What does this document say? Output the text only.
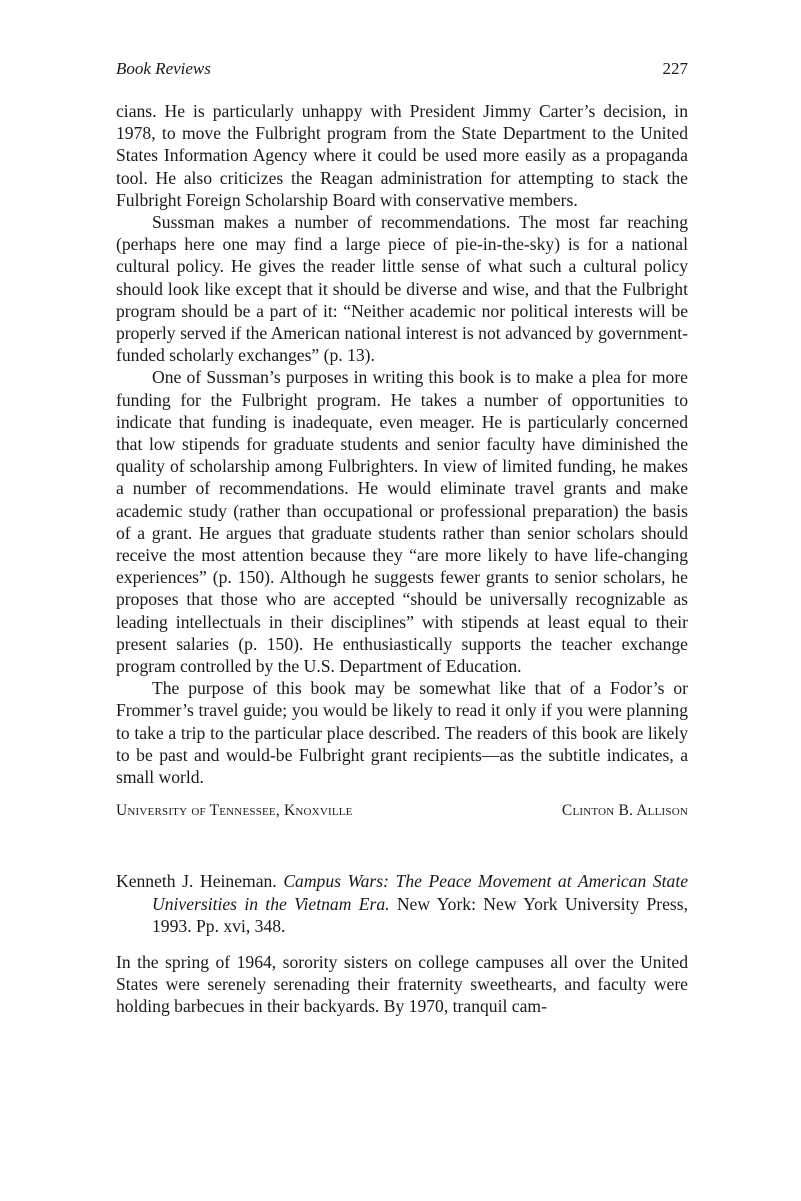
Book Reviews	227

cians. He is particularly unhappy with President Jimmy Carter’s decision, in 1978, to move the Fulbright program from the State Department to the United States Information Agency where it could be used more easily as a propaganda tool. He also criticizes the Reagan administration for attempting to stack the Fulbright Foreign Scholarship Board with conservative members.

Sussman makes a number of recommendations. The most far reaching (perhaps here one may find a large piece of pie-in-the-sky) is for a national cultural policy. He gives the reader little sense of what such a cultural policy should look like except that it should be diverse and wise, and that the Fulbright program should be a part of it: “Neither academic nor political interests will be properly served if the American national interest is not advanced by government-funded scholarly exchanges” (p. 13).

One of Sussman’s purposes in writing this book is to make a plea for more funding for the Fulbright program. He takes a number of opportunities to indicate that funding is inadequate, even meager. He is particularly concerned that low stipends for graduate students and senior faculty have diminished the quality of scholarship among Fulbrighters. In view of limited funding, he makes a number of recommendations. He would eliminate travel grants and make academic study (rather than occupational or professional preparation) the basis of a grant. He argues that graduate students rather than senior scholars should receive the most attention because they “are more likely to have life-changing experiences” (p. 150). Although he suggests fewer grants to senior scholars, he proposes that those who are accepted “should be universally recognizable as leading intellectuals in their disciplines” with stipends at least equal to their present salaries (p. 150). He enthusiastically supports the teacher exchange program controlled by the U.S. Department of Education.

The purpose of this book may be somewhat like that of a Fodor’s or Frommer’s travel guide; you would be likely to read it only if you were planning to take a trip to the particular place described. The readers of this book are likely to be past and would-be Fulbright grant recipients—as the subtitle indicates, a small world.

University of Tennessee, Knoxville	Clinton B. Allison
Kenneth J. Heineman. Campus Wars: The Peace Movement at American State Universities in the Vietnam Era. New York: New York University Press, 1993. Pp. xvi, 348.

In the spring of 1964, sorority sisters on college campuses all over the United States were serenely serenading their fraternity sweethearts, and faculty were holding barbecues in their backyards. By 1970, tranquil cam-
